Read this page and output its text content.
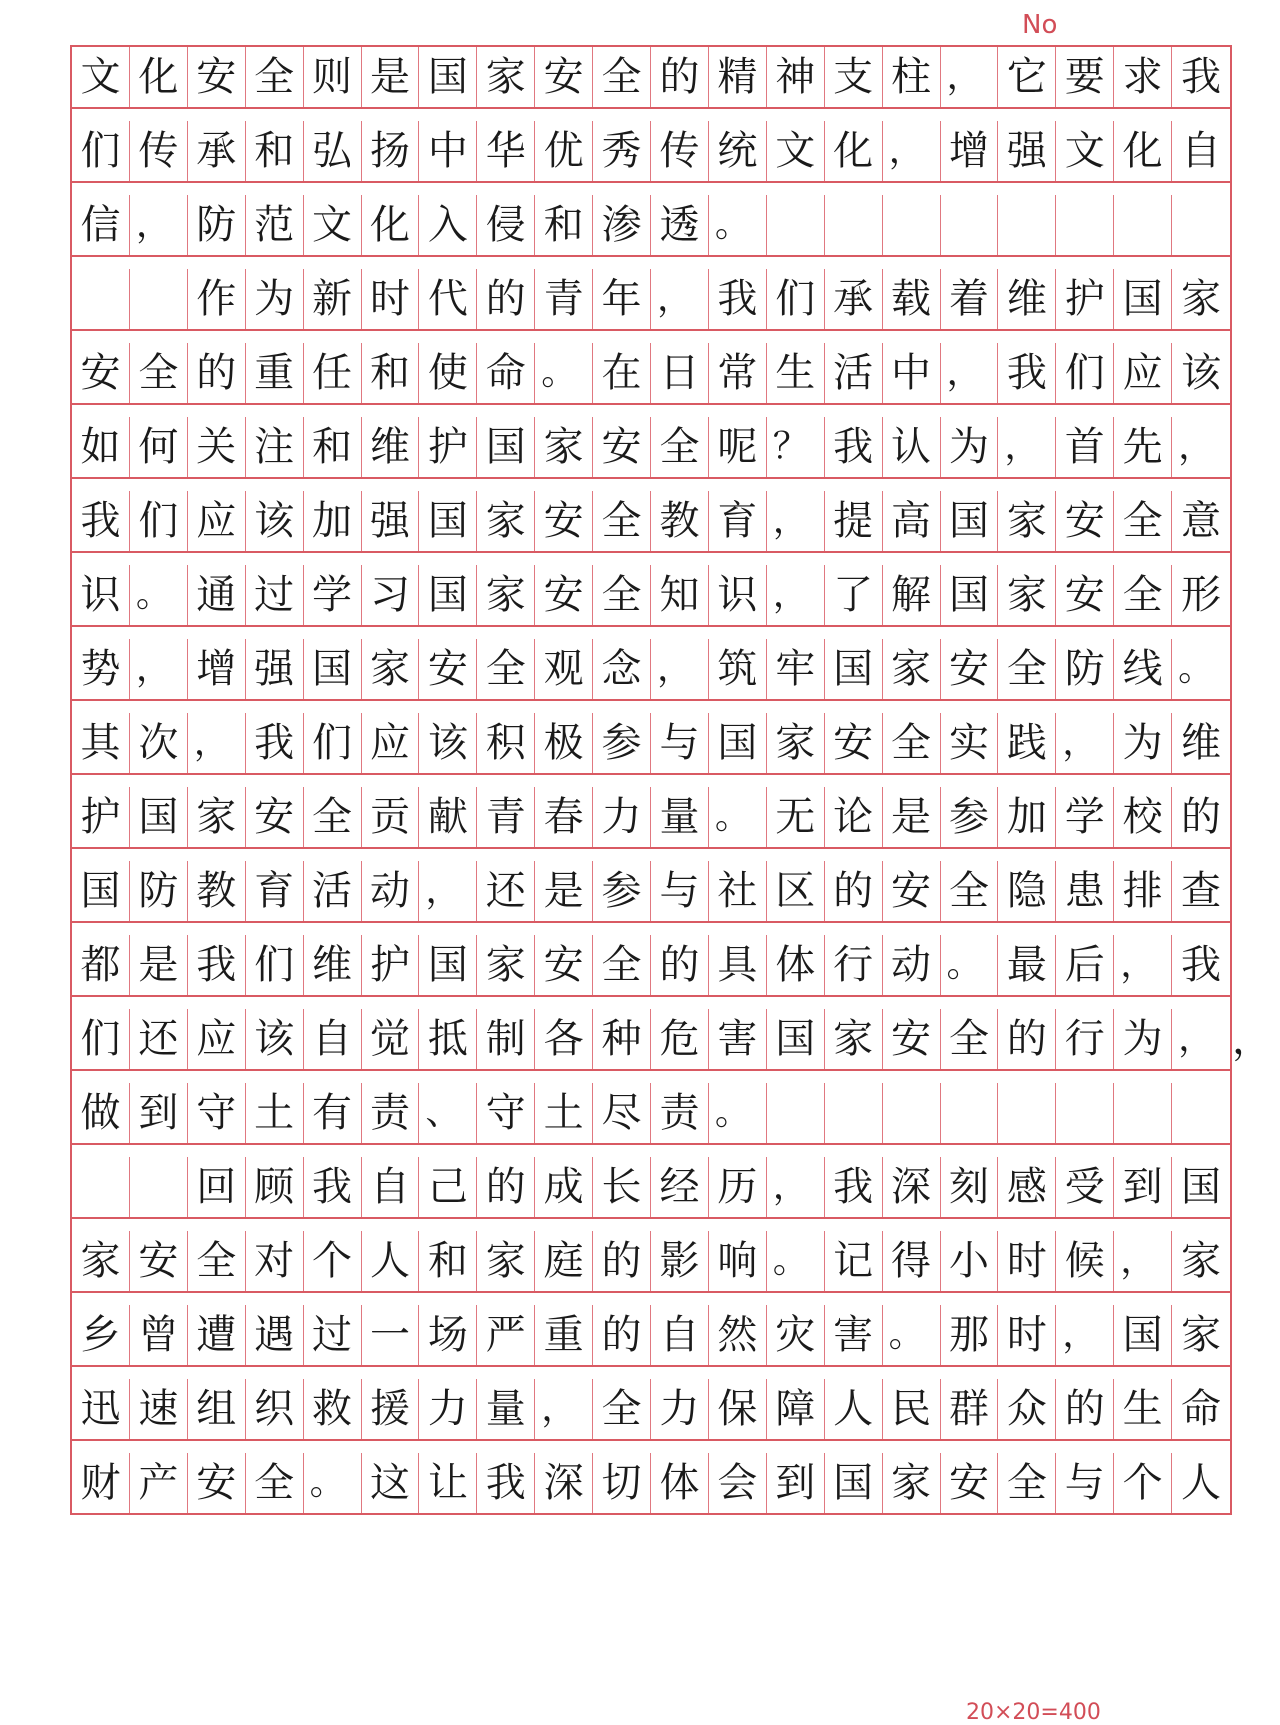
No
文 化 安 全 则 是 国 家 安 全 的 精 神 支 柱 ， 它 要 求 我
们 传 承 和 弘 扬 中 华 优 秀 传 统 文 化 ， 增 强 文 化 自
信 ， 防 范 文 化 入 侵 和 渗 透 。
作 为 新 时 代 的 青 年 ， 我 们 承 载 着 维 护 国 家
安 全 的 重 任 和 使 命 。 在 日 常 生 活 中 ， 我 们 应 该
如 何 关 注 和 维 护 国 家 安 全 呢 ？ 我 认 为 ， 首 先 ，
我 们 应 该 加 强 国 家 安 全 教 育 ， 提 高 国 家 安 全 意
识 。 通 过 学 习 国 家 安 全 知 识 ， 了 解 国 家 安 全 形
势 ， 增 强 国 家 安 全 观 念 ， 筑 牢 国 家 安 全 防 线 。
其 次 ， 我 们 应 该 积 极 参 与 国 家 安 全 实 践 ， 为 维
护 国 家 安 全 贡 献 青 春 力 量 。 无 论 是 参 加 学 校 的
国 防 教 育 活 动 ， 还 是 参 与 社 区 的 安 全 隐 患 排 查
都 是 我 们 维 护 国 家 安 全 的 具 体 行 动 。 最 后 ， 我
们 还 应 该 自 觉 抵 制 各 种 危 害 国 家 安 全 的 行 为 ，
做 到 守 土 有 责 、 守 土 尽 责 。
回 顾 我 自 己 的 成 长 经 历 ， 我 深 刻 感 受 到 国
家 安 全 对 个 人 和 家 庭 的 影 响 。 记 得 小 时 候 ， 家
乡 曾 遭 遇 过 一 场 严 重 的 自 然 灾 害 。 那 时 ， 国 家
迅 速 组 织 救 援 力 量 ， 全 力 保 障 人 民 群 众 的 生 命
财 产 安 全 。 这 让 我 深 切 体 会 到 国 家 安 全 与 个 人
，
20×20=400
